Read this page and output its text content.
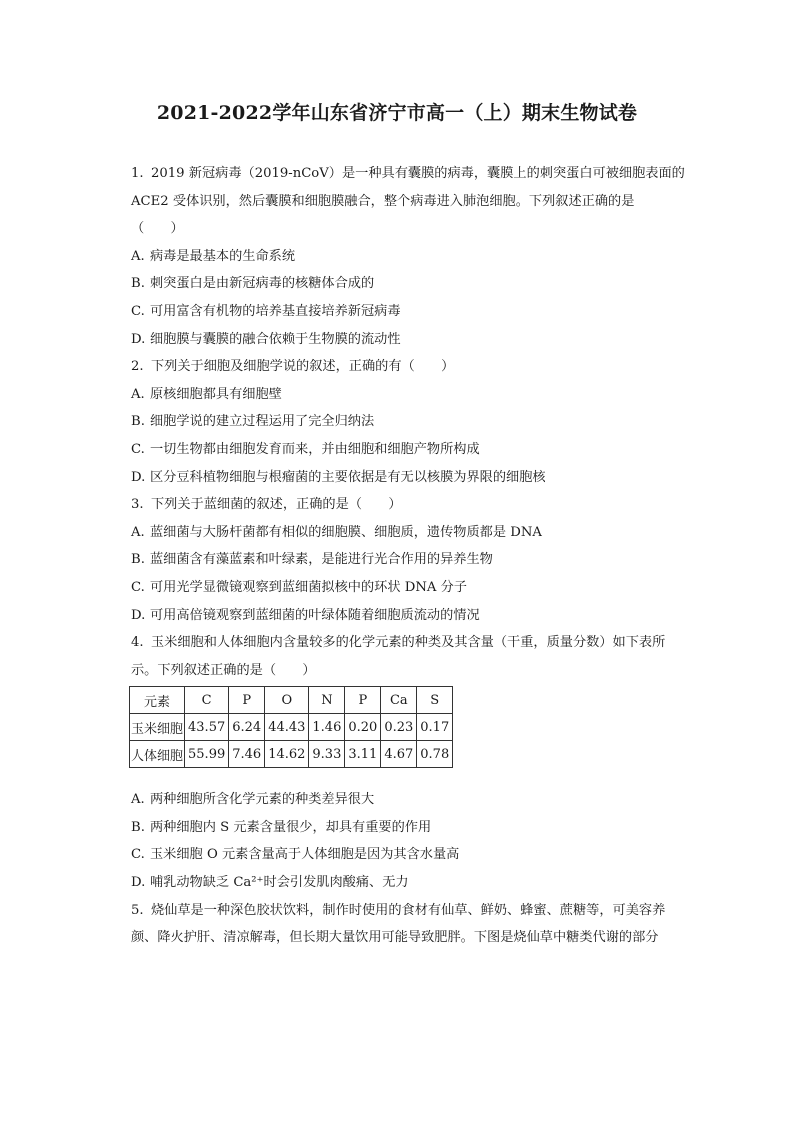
2021-2022学年山东省济宁市高一（上）期末生物试卷
1. 2019 新冠病毒（2019-nCoV）是一种具有囊膜的病毒，囊膜上的刺突蛋白可被细胞表面的
ACE2 受体识别，然后囊膜和细胞膜融合，整个病毒进入肺泡细胞。下列叙述正确的是
（　　）
A. 病毒是最基本的生命系统
B. 刺突蛋白是由新冠病毒的核糖体合成的
C. 可用富含有机物的培养基直接培养新冠病毒
D. 细胞膜与囊膜的融合依赖于生物膜的流动性
2. 下列关于细胞及细胞学说的叙述，正确的有（　　）
A. 原核细胞都具有细胞壁
B. 细胞学说的建立过程运用了完全归纳法
C. 一切生物都由细胞发育而来，并由细胞和细胞产物所构成
D. 区分豆科植物细胞与根瘤菌的主要依据是有无以核膜为界限的细胞核
3. 下列关于蓝细菌的叙述，正确的是（　　）
A. 蓝细菌与大肠杆菌都有相似的细胞膜、细胞质，遗传物质都是 DNA
B. 蓝细菌含有藻蓝素和叶绿素，是能进行光合作用的异养生物
C. 可用光学显微镜观察到蓝细菌拟核中的环状 DNA 分子
D. 可用高倍镜观察到蓝细菌的叶绿体随着细胞质流动的情况
4. 玉米细胞和人体细胞内含量较多的化学元素的种类及其含量（干重，质量分数）如下表所
示。下列叙述正确的是（　　）
元素	C	P	O	N	P	Ca	S
玉米细胞	43.57	6.24	44.43	1.46	0.20	0.23	0.17
人体细胞	55.99	7.46	14.62	9.33	3.11	4.67	0.78
A. 两种细胞所含化学元素的种类差异很大
B. 两种细胞内 S 元素含量很少，却具有重要的作用
C. 玉米细胞 O 元素含量高于人体细胞是因为其含水量高
D. 哺乳动物缺乏 Ca²⁺时会引发肌肉酸痛、无力
5. 烧仙草是一种深色胶状饮料，制作时使用的食材有仙草、鲜奶、蜂蜜、蔗糖等，可美容养
颜、降火护肝、清凉解毒，但长期大量饮用可能导致肥胖。下图是烧仙草中糖类代谢的部分
